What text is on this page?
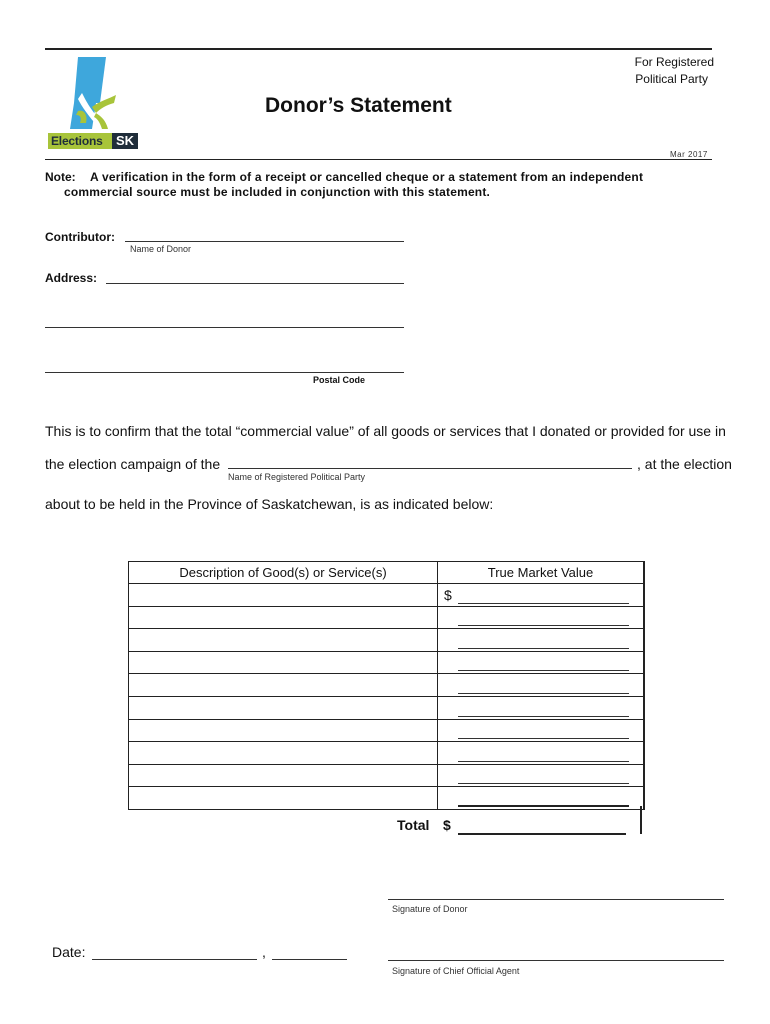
Elections SK
For Registered
Political Party
Donor’s Statement
Mar 2017
Note: A verification in the form of a receipt or cancelled cheque or a statement from an independent
commercial source must be included in conjunction with this statement.
Contributor:
Name of Donor
Address:
Postal Code
This is to confirm that the total “commercial value” of all goods or services that I donated or provided for use in
the election campaign of the	, at the election
Name of Registered Political Party
about to be held in the Province of Saskatchewan, is as indicated below:
Description of Good(s) or Service(s)	True Market Value

	$

Total $
Signature of Donor
Date:	,
Signature of Chief Official Agent
